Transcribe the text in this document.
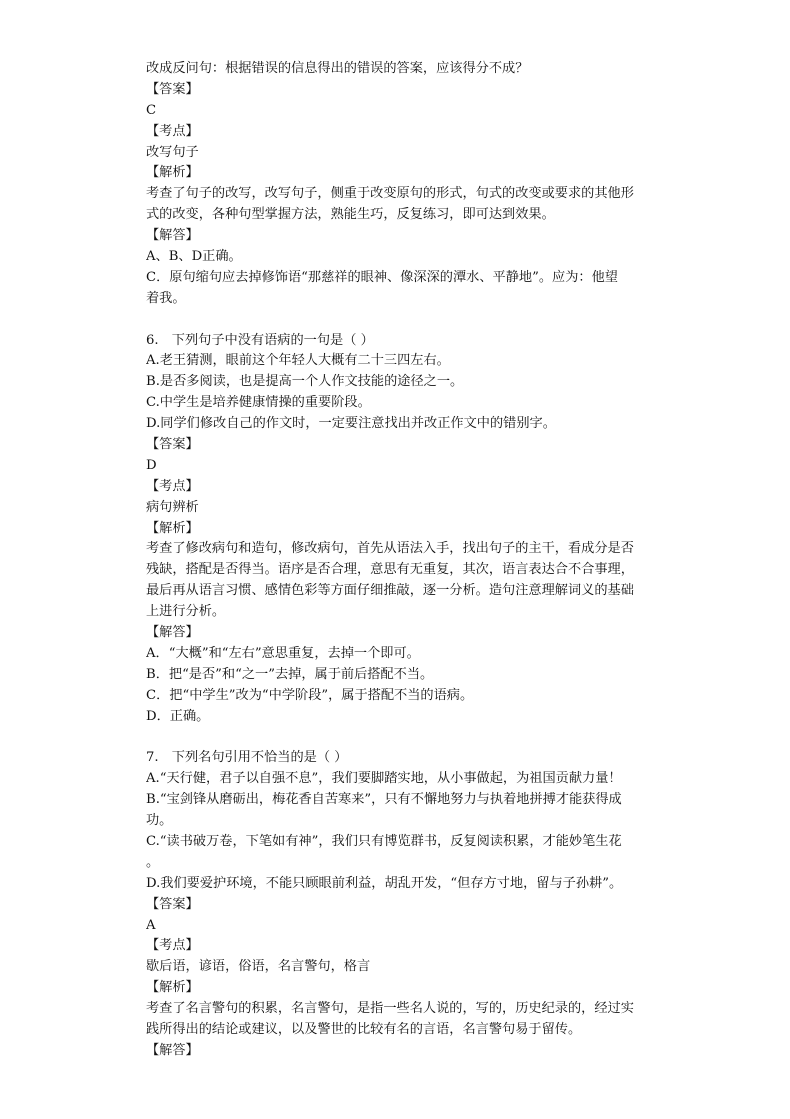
改成反问句：根据错误的信息得出的错误的答案，应该得分不成？
【答案】
C
【考点】
改写句子
【解析】
考查了句子的改写，改写句子，侧重于改变原句的形式，句式的改变或要求的其他形
式的改变，各种句型掌握方法，熟能生巧，反复练习，即可达到效果。
【解答】
A、B、D正确。
C．原句缩句应去掉修饰语“那慈祥的眼神、像深深的潭水、平静地”。应为：他望
着我。
6.　下列句子中没有语病的一句是（ ）
A.老王猜测，眼前这个年轻人大概有二十三四左右。
B.是否多阅读，也是提高一个人作文技能的途径之一。
C.中学生是培养健康情操的重要阶段。
D.同学们修改自己的作文时，一定要注意找出并改正作文中的错别字。
【答案】
D
【考点】
病句辨析
【解析】
考查了修改病句和造句，修改病句，首先从语法入手，找出句子的主干，看成分是否
残缺，搭配是否得当。语序是否合理，意思有无重复，其次，语言表达合不合事理，
最后再从语言习惯、感情色彩等方面仔细推敲，逐一分析。造句注意理解词义的基础
上进行分析。
【解答】
A．“大概”和“左右”意思重复，去掉一个即可。
B．把“是否”和“之一”去掉，属于前后搭配不当。
C．把“中学生”改为“中学阶段”，属于搭配不当的语病。
D．正确。
7.　下列名句引用不恰当的是（ ）
A.“天行健，君子以自强不息”，我们要脚踏实地，从小事做起，为祖国贡献力量！
B.“宝剑锋从磨砺出，梅花香自苦寒来”，只有不懈地努力与执着地拼搏才能获得成
功。
C.“读书破万卷，下笔如有神”，我们只有博览群书，反复阅读积累，才能妙笔生花
。
D.我们要爱护环境，不能只顾眼前利益，胡乱开发，“但存方寸地，留与子孙耕”。
【答案】
A
【考点】
歇后语，谚语，俗语，名言警句，格言
【解析】
考查了名言警句的积累，名言警句，是指一些名人说的，写的，历史纪录的，经过实
践所得出的结论或建议，以及警世的比较有名的言语，名言警句易于留传。
【解答】
